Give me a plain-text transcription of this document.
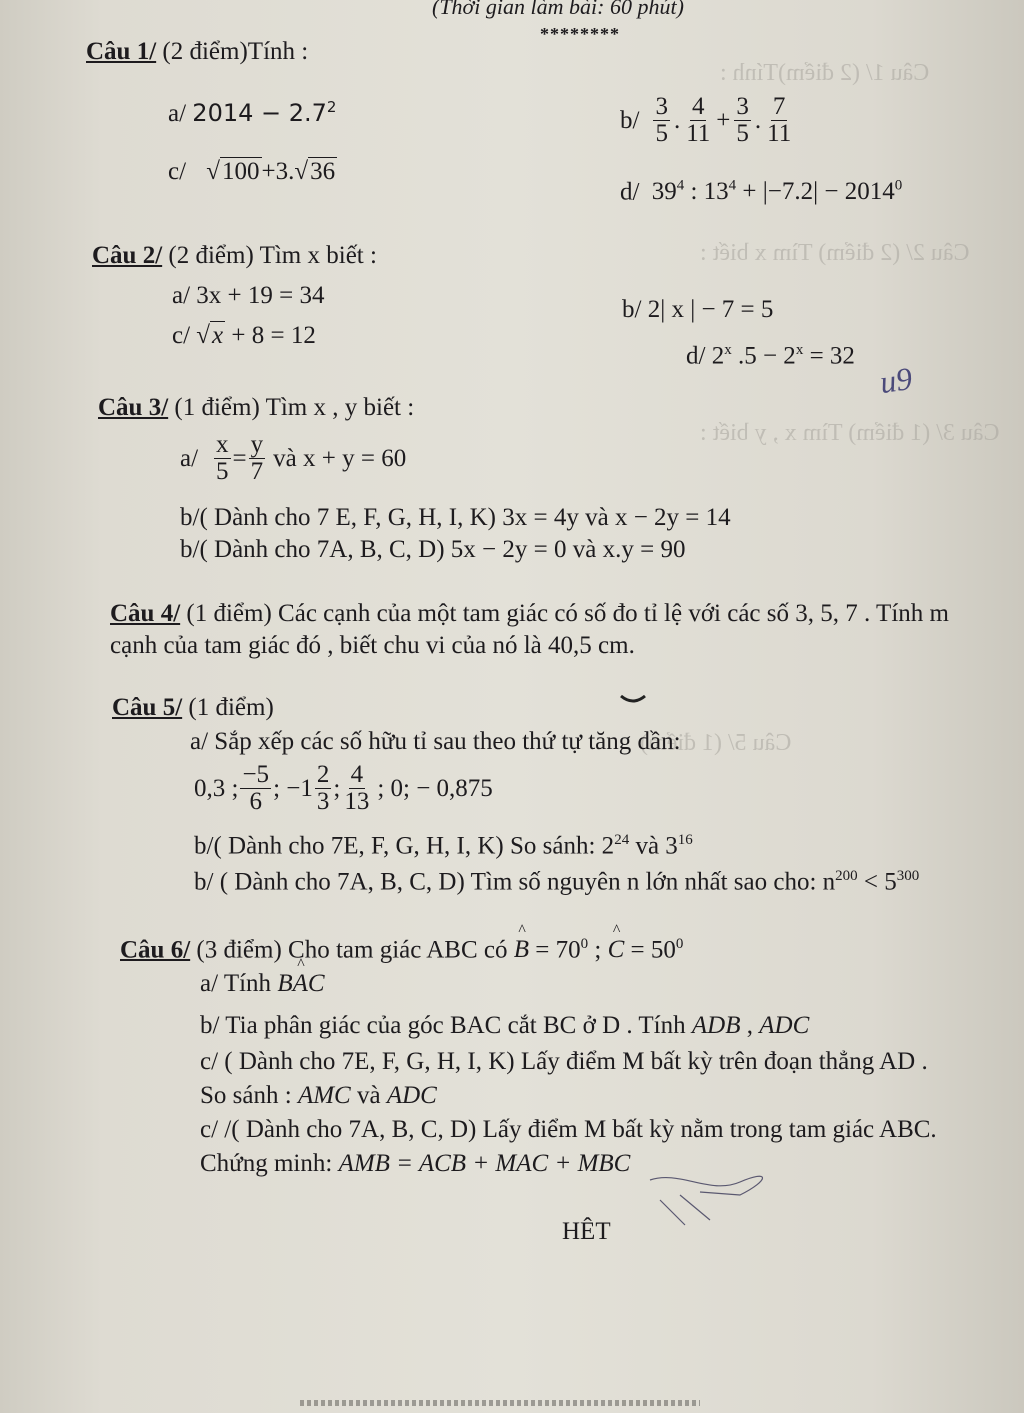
Câu 1/ (2 điểm)Tính :
Câu 2/ (2 điểm) Tìm x biết :
Câu 3/ (1 điểm) Tìm x , y biết :
Câu 5/ (1 điểm)
(Thời gian làm bài: 60 phút)
********
Câu 1/ (2 điểm)Tính :
a/ $2014 - 2.7^2$	$b/ \frac{3}{5}$ . $\frac{4}{11} + \frac{3}{5}$ . $\frac{7}{11}$
c/ √100+3.√36
d/ $39^4$ : $13^4 + |-7.2| - 2014^0$
Câu 2/ (2 điểm) Tìm x biết :
a/ 3x + 19 = 34
b/ 2| x | − 7 = 5
c/ √x + 8 = 12
d/ 2$^x$ $.5 - 2^x = 32$
u9
Câu 3/ (1 điểm) Tìm x , y biết :
$a/ \frac{x}{5} = \frac{y}{7}$ và x + y = 60
b/( Dành cho 7 E, F, G, H, I, K) 3x = 4y và x − 2y = 14
b/( Dành cho 7A, B, C, D) 5x − 2y = 0 và x.y = 90
Câu 4/ (1 điểm) Các cạnh của một tam giác có số đo tỉ lệ với các số 3, 5, 7 . Tính m
cạnh của tam giác đó , biết chu vi của nó là 40,5 cm.
Câu 5/ (1 điểm)
a/ Sắp xếp các số hữu tỉ sau theo thứ tự tăng dần:
0,3 ; $\frac{-5}{6}$ ; $-1 \frac{2}{3}$ ; $\frac{4}{13}$ ; 0; − 0,875
b/( Dành cho 7E, F, G, H, I, K) So sánh: $2^{24}$ và $3^{16}$
b/ ( Dành cho 7A, B, C, D) Tìm số nguyên n lớn nhất sao cho: $n^{200} < 5^{300}$
Câu 6/ (3 điểm) Cho tam giác ABC có ^ $B = 70^0$ ; ^ $C = 50^0$
a/ Tính B^ AC
b/ Tia phân giác của góc BAC cắt BC ở D . Tính ADB , ADC
c/ ( Dành cho 7E, F, G, H, I, K) Lấy điểm M bất kỳ trên đoạn thẳng AD .
So sánh : AMC và ADC
c/ /( Dành cho 7A, B, C, D) Lấy điểm M bất kỳ nằm trong tam giác ABC.
Chứng minh: AMB = ACB + MAC + MBC
HÊT
